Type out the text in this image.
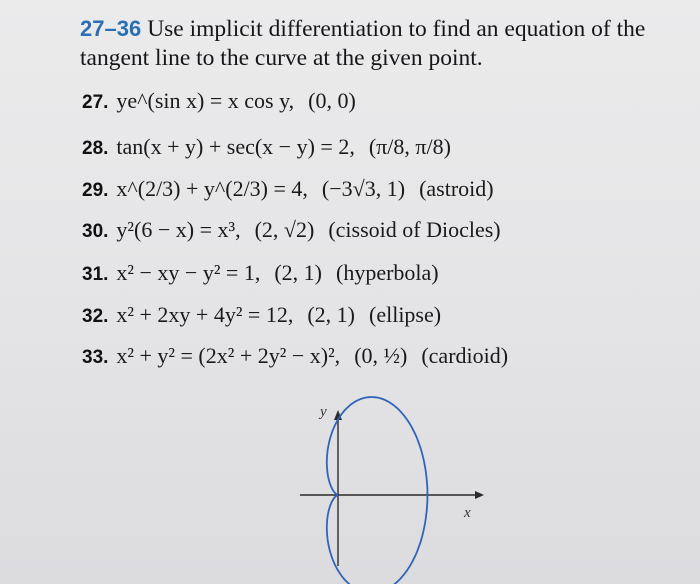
27–36 Use implicit differentiation to find an equation of the tangent line to the curve at the given point.
27. ye^(sin x) = x cos y, (0, 0)
28. tan(x + y) + sec(x − y) = 2, (π/8, π/8)
29. x^(2/3) + y^(2/3) = 4, (−3√3, 1) (astroid)
30. y²(6 − x) = x³, (2, √2) (cissoid of Diocles)
31. x² − xy − y² = 1, (2, 1) (hyperbola)
32. x² + 2xy + 4y² = 12, (2, 1) (ellipse)
33. x² + y² = (2x² + 2y² − x)², (0, ½) (cardioid)
y
x
